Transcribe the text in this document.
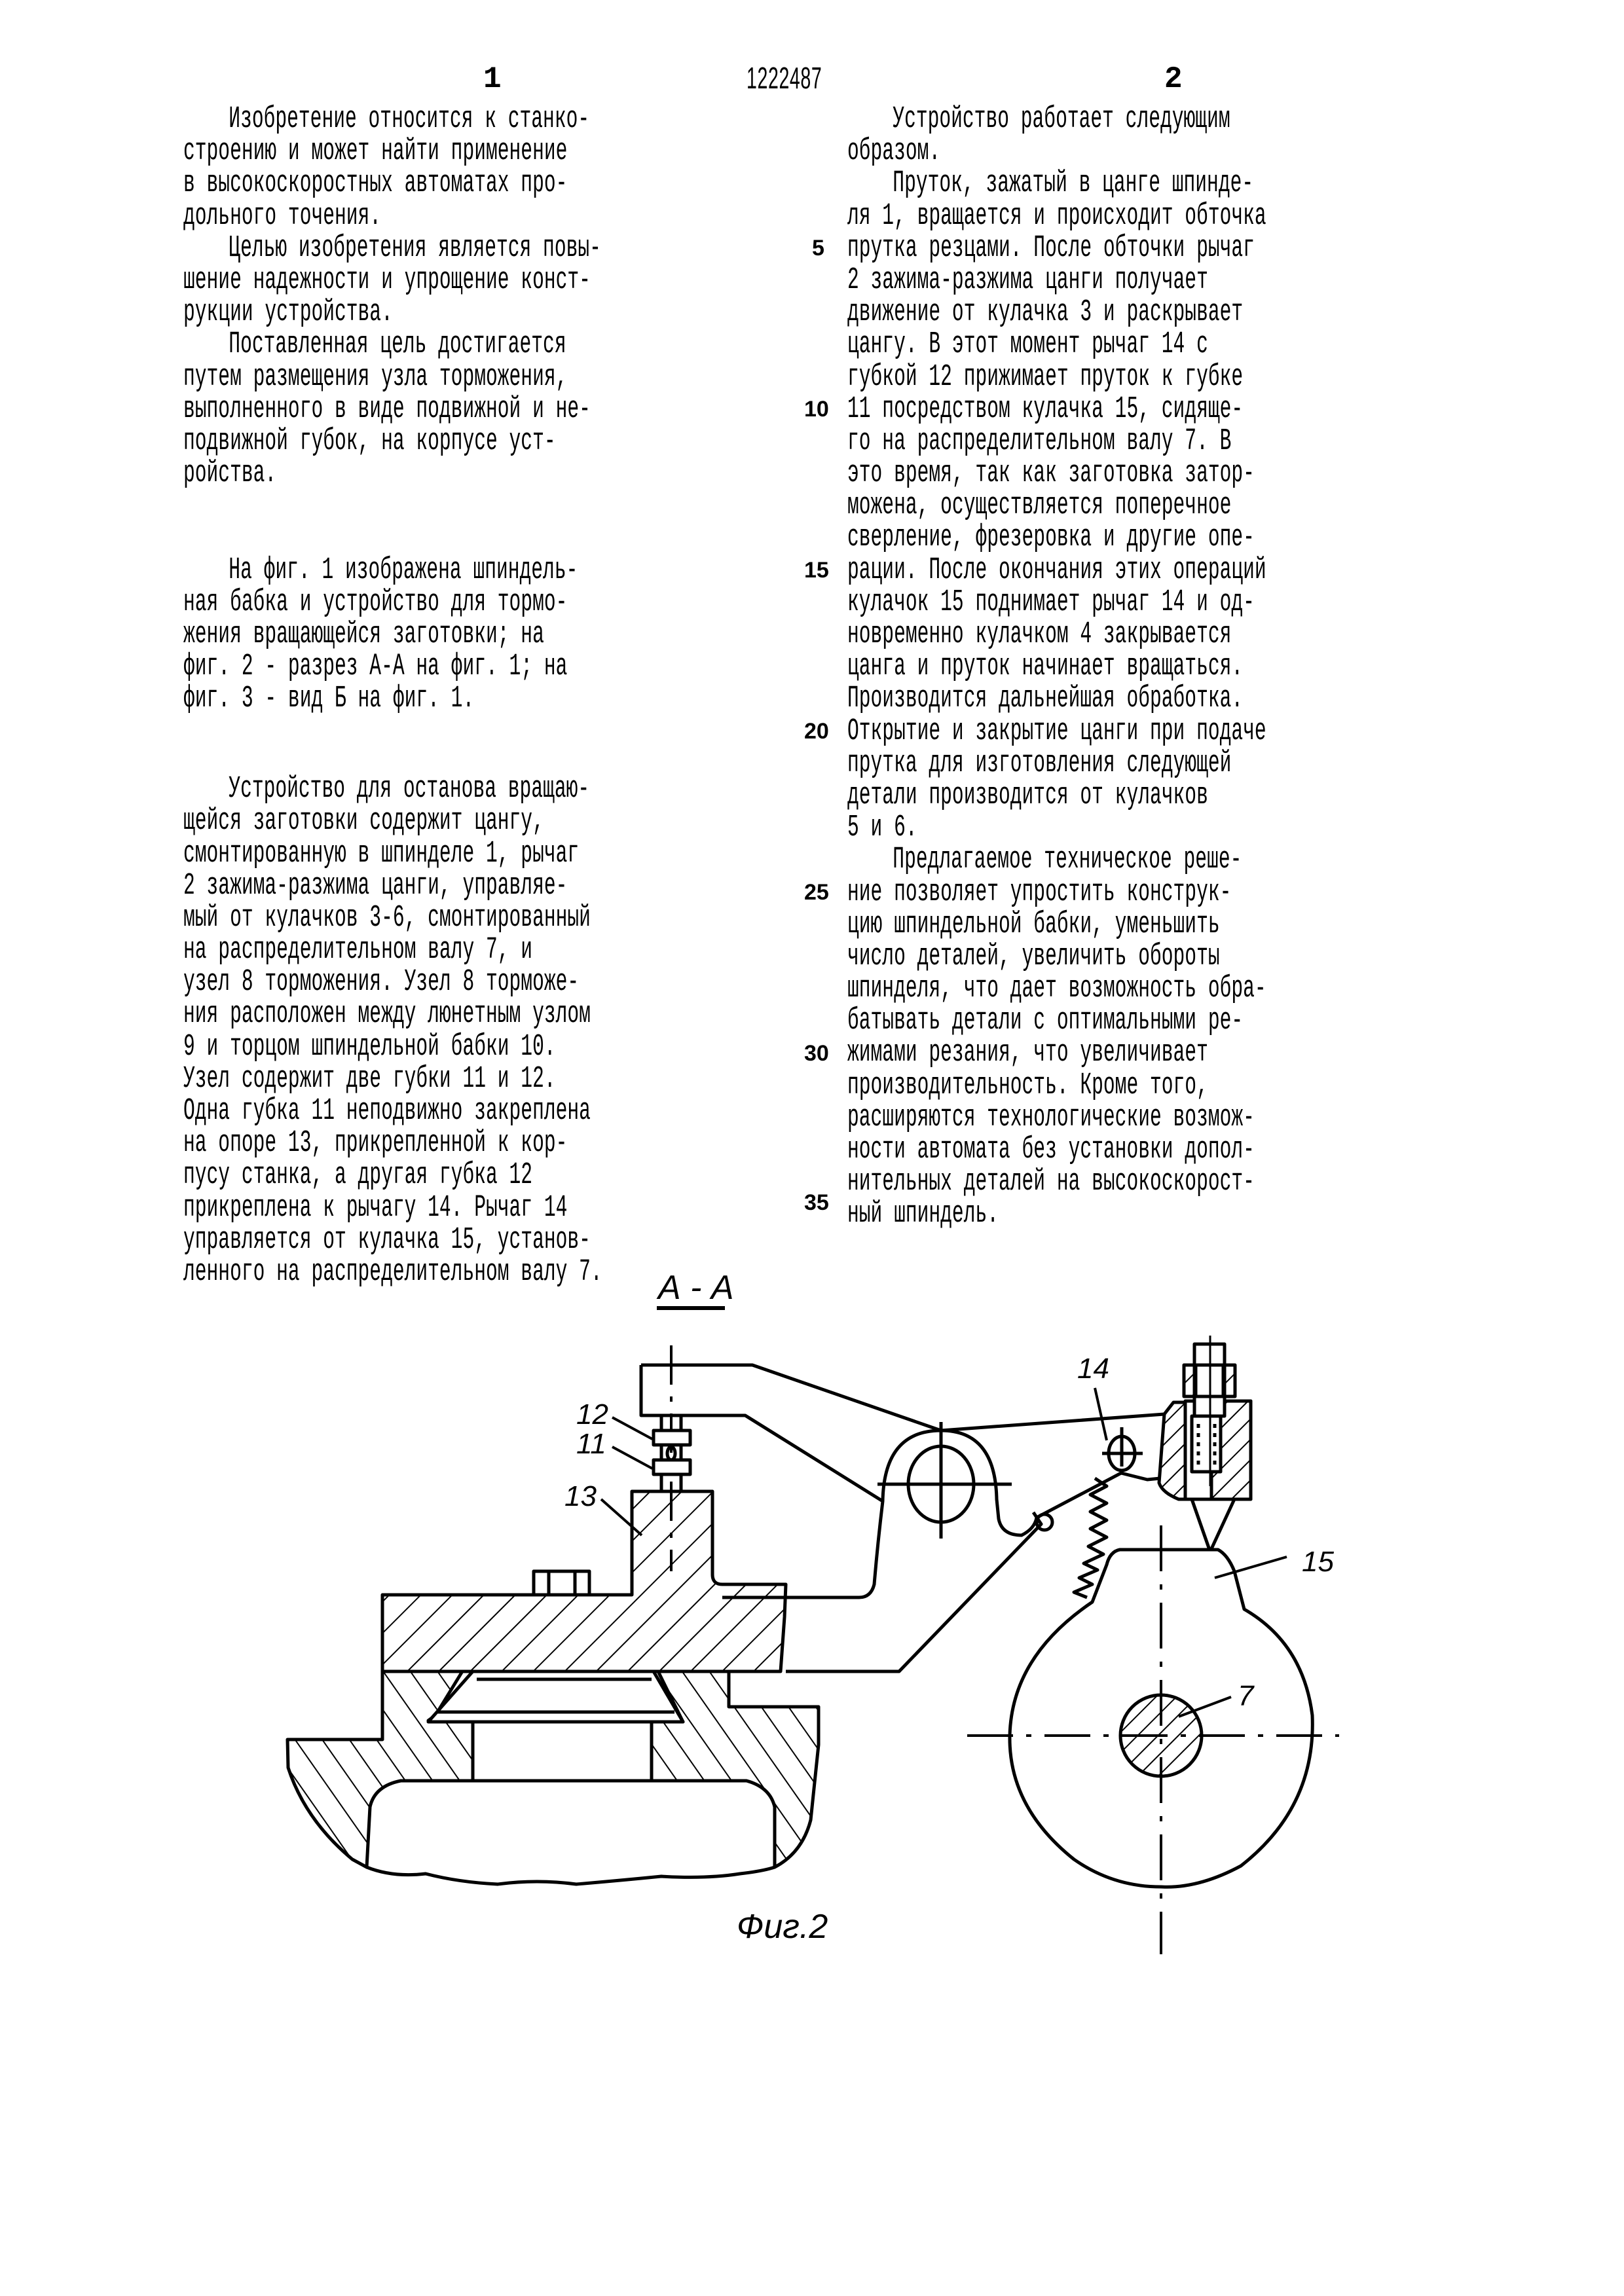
1	1222487	2
Изобретение относится к станко-
строению и может найти применение
в высокоскоростных автоматах про-
дольного точения.
Целью изобретения является повы-
шение надежности и упрощение конст-
рукции устройства.
Поставленная цель достигается
путем размещения узла торможения,
выполненного в виде подвижной и не-
подвижной губок, на корпусе уст-
ройства.
На фиг. 1 изображена шпиндель-
ная бабка и устройство для тормо-
жения вращающейся заготовки; на
фиг. 2 - разрез А-А на фиг. 1; на
фиг. 3 - вид Б на фиг. 1.
Устройство для останова вращаю-
щейся заготовки содержит цангу,
смонтированную в шпинделе 1, рычаг
2 зажима-разжима цанги, управляе-
мый от кулачков 3-6, смонтированный
на распределительном валу 7, и
узел 8 торможения. Узел 8 торможе-
ния расположен между люнетным узлом
9 и торцом шпиндельной бабки 10.
Узел содержит две губки 11 и 12.
Одна губка 11 неподвижно закреплена
на опоре 13, прикрепленной к кор-
пусу станка, а другая губка 12
прикреплена к рычагу 14. Рычаг 14
управляется от кулачка 15, установ-
ленного на распределительном валу 7.
Устройство работает следующим
образом.
Пруток, зажатый в цанге шпинде-
ля 1, вращается и происходит обточка
прутка резцами. После обточки рычаг
2 зажима-разжима цанги получает
движение от кулачка 3 и раскрывает
цангу. В этот момент рычаг 14 с
губкой 12 прижимает пруток к губке
11 посредством кулачка 15, сидяще-
го на распределительном валу 7. В
это время, так как заготовка затор-
можена, осуществляется поперечное
сверление, фрезеровка и другие опе-
рации. После окончания этих операций
кулачок 15 поднимает рычаг 14 и од-
новременно кулачком 4 закрывается
цанга и пруток начинает вращаться.
Производится дальнейшая обработка.
Открытие и закрытие цанги при подаче
прутка для изготовления следующей
детали производится от кулачков
5 и 6.
Предлагаемое техническое реше-
ние позволяет упростить конструк-
цию шпиндельной бабки, уменьшить
число деталей, увеличить обороты
шпинделя, что дает возможность обра-
батывать детали с оптимальными ре-
жимами резания, что увеличивает
производительность. Кроме того,
расширяются технологические возмож-
ности автомата без установки допол-
нительных деталей на высокоскорост-
ный шпиндель.
5
10
15
20
25
30
35
А - А
12
11
13
14
15
7
Фиг.2
